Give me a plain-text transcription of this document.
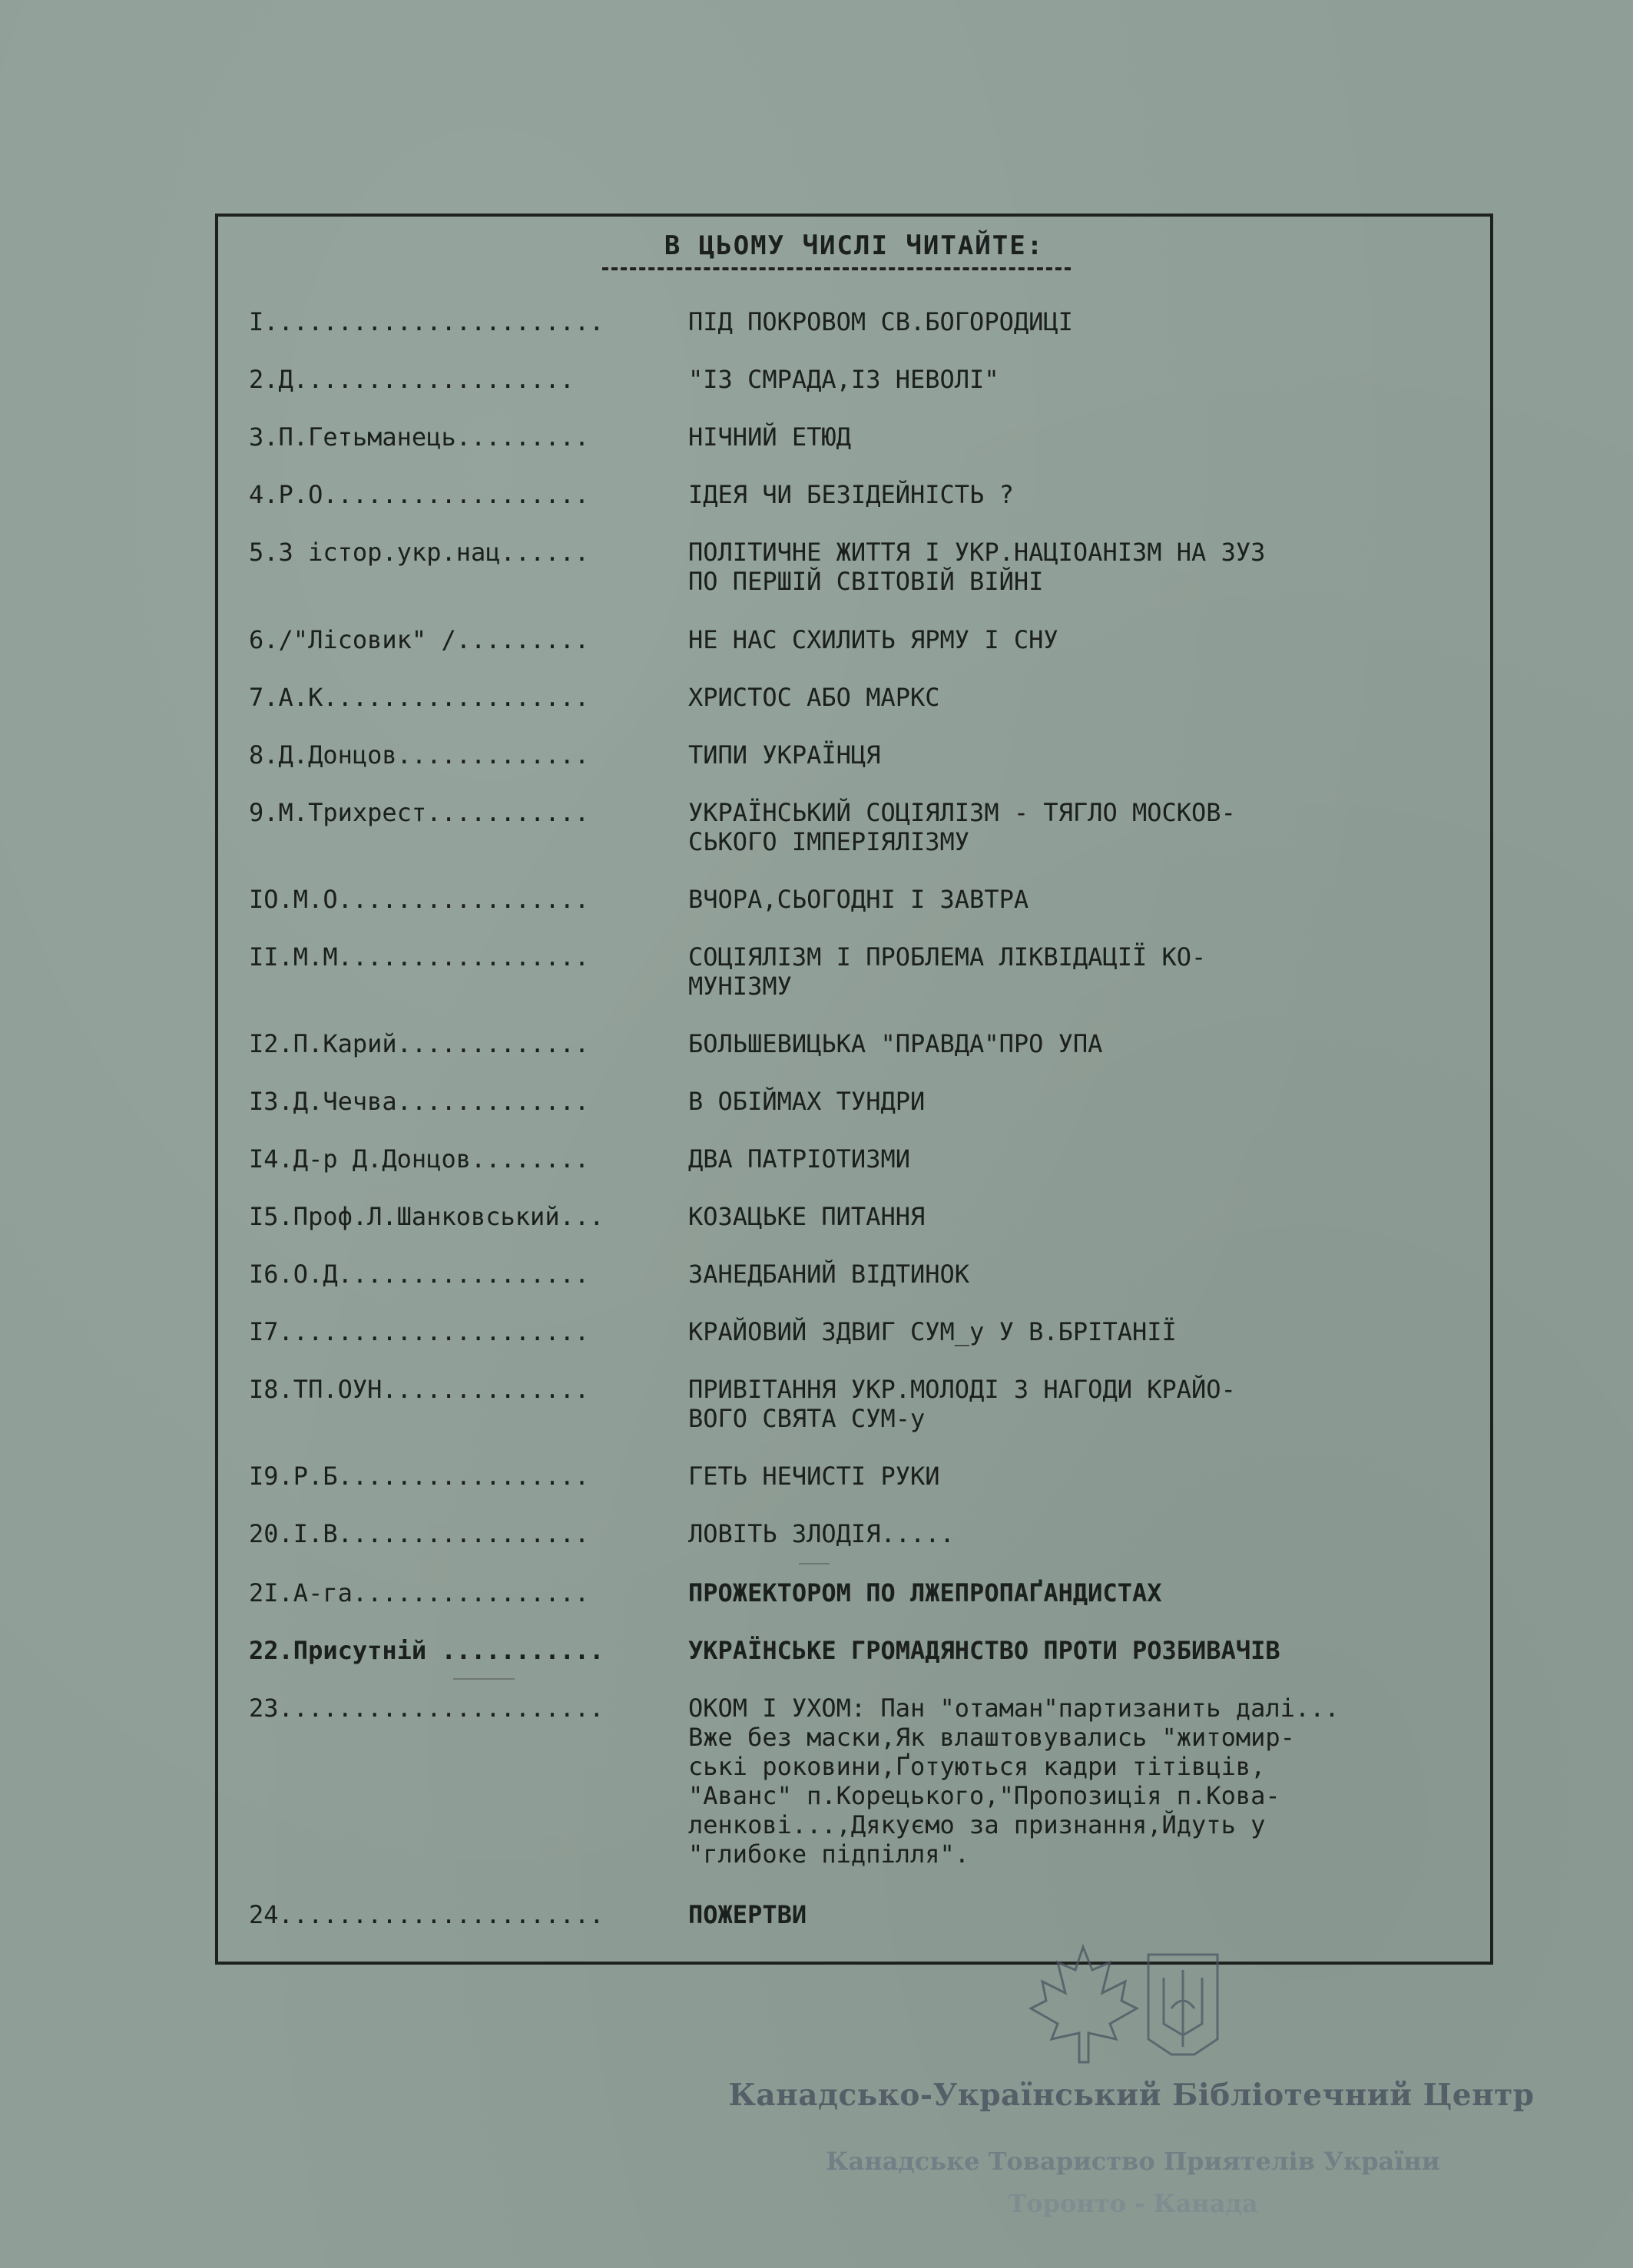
В ЦЬОМУ ЧИСЛІ ЧИТАЙТЕ:
I.......................	ПІД ПОКРОВОМ СВ.БОГОРОДИЦІ
2.Д...................	"ІЗ СМРАДА,ІЗ НЕВОЛІ"
3.П.Гетьманець.........	НІЧНИЙ ЕТЮД
4.Р.О..................	ІДЕЯ ЧИ БЕЗІДЕЙНІСТЬ ?
5.З істор.укр.нац......	ПОЛІТИЧНЕ ЖИТТЯ І УКР.НАЦІОАНІЗМ НА ЗУЗ
ПО ПЕРШІЙ СВІТОВІЙ ВІЙНІ
6./"Лісовик" /.........	НЕ НАС СХИЛИТЬ ЯРМУ І СНУ
7.А.К..................	ХРИСТОС АБО МАРКС
8.Д.Донцов.............	ТИПИ УКРАЇНЦЯ
9.М.Трихрест...........	УКРАЇНСЬКИЙ СОЦІЯЛІЗМ - ТЯГЛО МОСКОВ-
СЬКОГО ІМПЕРІЯЛІЗМУ
IO.М.О.................	ВЧОРА,СЬОГОДНІ І ЗАВТРА
II.М.М.................	СОЦІЯЛІЗМ І ПРОБЛЕМА ЛІКВІДАЦІЇ КО-
МУНІЗМУ
I2.П.Карий.............	БОЛЬШЕВИЦЬКА "ПРАВДА"ПРО УПА
I3.Д.Чечва.............	В ОБІЙМАХ ТУНДРИ
I4.Д-р Д.Донцов........	ДВА ПАТРІОТИЗМИ
I5.Проф.Л.Шанковський...	КОЗАЦЬКЕ ПИТАННЯ
I6.О.Д.................	ЗАНЕДБАНИЙ ВІДТИНОК
I7.....................	КРАЙОВИЙ ЗДВИГ СУМ_у У В.БРІТАНІЇ
I8.ТП.ОУН..............	ПРИВІТАННЯ УКР.МОЛОДІ З НАГОДИ КРАЙО-
ВОГО СВЯТА СУМ-у
I9.Р.Б.................	ГЕТЬ НЕЧИСТІ РУКИ
20.І.В.................	ЛОВІТЬ ЗЛОДІЯ.....
2I.А-га................	ПРОЖЕКТОРОМ ПО ЛЖЕПРОПАҐАНДИСТАХ
22.Присутній ...........	УКРАЇНСЬКЕ ГРОМАДЯНСТВО ПРОТИ РОЗБИВАЧІВ
23......................	ОКОМ І УХОМ: Пан "отаман"партизанить далі...
Вже без маски,Як влаштовувались "житомир-
ські роковини,Ґотуються кадри тітівців,
"Аванс" п.Корецького,"Пропозиція п.Кова-
ленкові...,Дякуємо за признання,Йдуть у
"глибоке підпілля".
24......................	ПОЖЕРТВИ
Канадсько-Український Бібліотечний Центр
Канадське Товариство Приятелів України
Торонто - Канада
